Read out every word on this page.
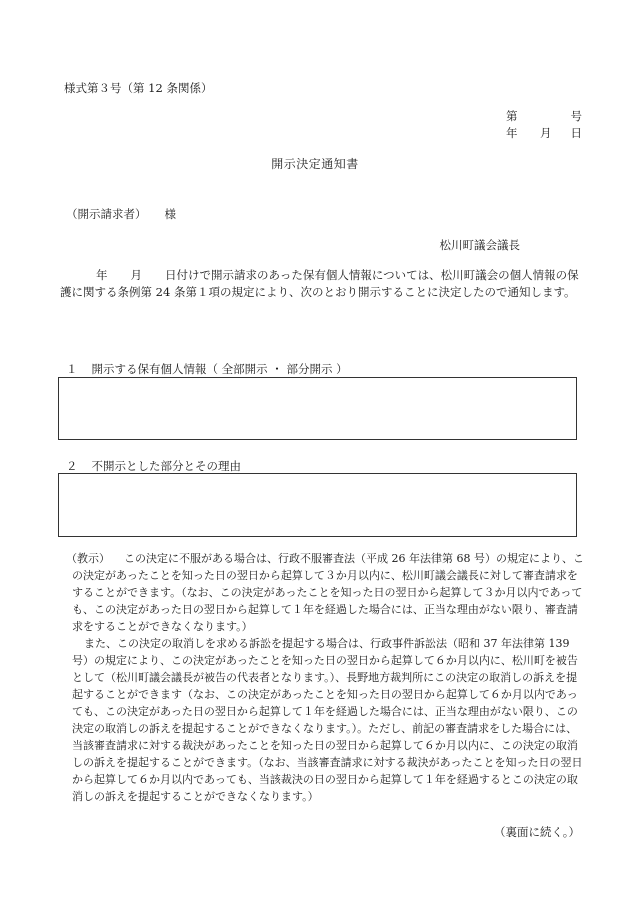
様式第３号（第 12 条関係）
第	号
年 月 日
開示決定通知書
（開示請求者） 様
松川町議会議長
年　　月　　日付けで開示請求のあった保有個人情報については、松川町議会の個人情報の保護に関する条例第 24 条第１項の規定により、次のとおり開示することに決定したので通知します。
１ 開示する保有個人情報（ 全部開示 ・ 部分開示 ）
２ 不開示とした部分とその理由

（教示） この決定に不服がある場合は、行政不服審査法（平成 26 年法律第 68 号）の規定により、この決定があったことを知った日の翌日から起算して３か月以内に、松川町議会議長に対して審査請求をすることができます。（なお、この決定があったことを知った日の翌日から起算して３か月以内であっても、この決定があった日の翌日から起算して１年を経過した場合には、正当な理由がない限り、審査請求をすることができなくなります。）

また、この決定の取消しを求める訴訟を提起する場合は、行政事件訴訟法（昭和 37 年法律第 139 号）の規定により、この決定があったことを知った日の翌日から起算して６か月以内に、松川町を被告として（松川町議会議長が被告の代表者となります。）、長野地方裁判所にこの決定の取消しの訴えを提起することができます（なお、この決定があったことを知った日の翌日から起算して６か月以内であっても、この決定があった日の翌日から起算して１年を経過した場合には、正当な理由がない限り、この決定の取消しの訴えを提起することができなくなります。）。ただし、前記の審査請求をした場合には、当該審査請求に対する裁決があったことを知った日の翌日から起算して６か月以内に、この決定の取消しの訴えを提起することができます。（なお、当該審査請求に対する裁決があったことを知った日の翌日から起算して６か月以内であっても、当該裁決の日の翌日から起算して１年を経過するとこの決定の取消しの訴えを提起することができなくなります。）

（裏面に続く。）
